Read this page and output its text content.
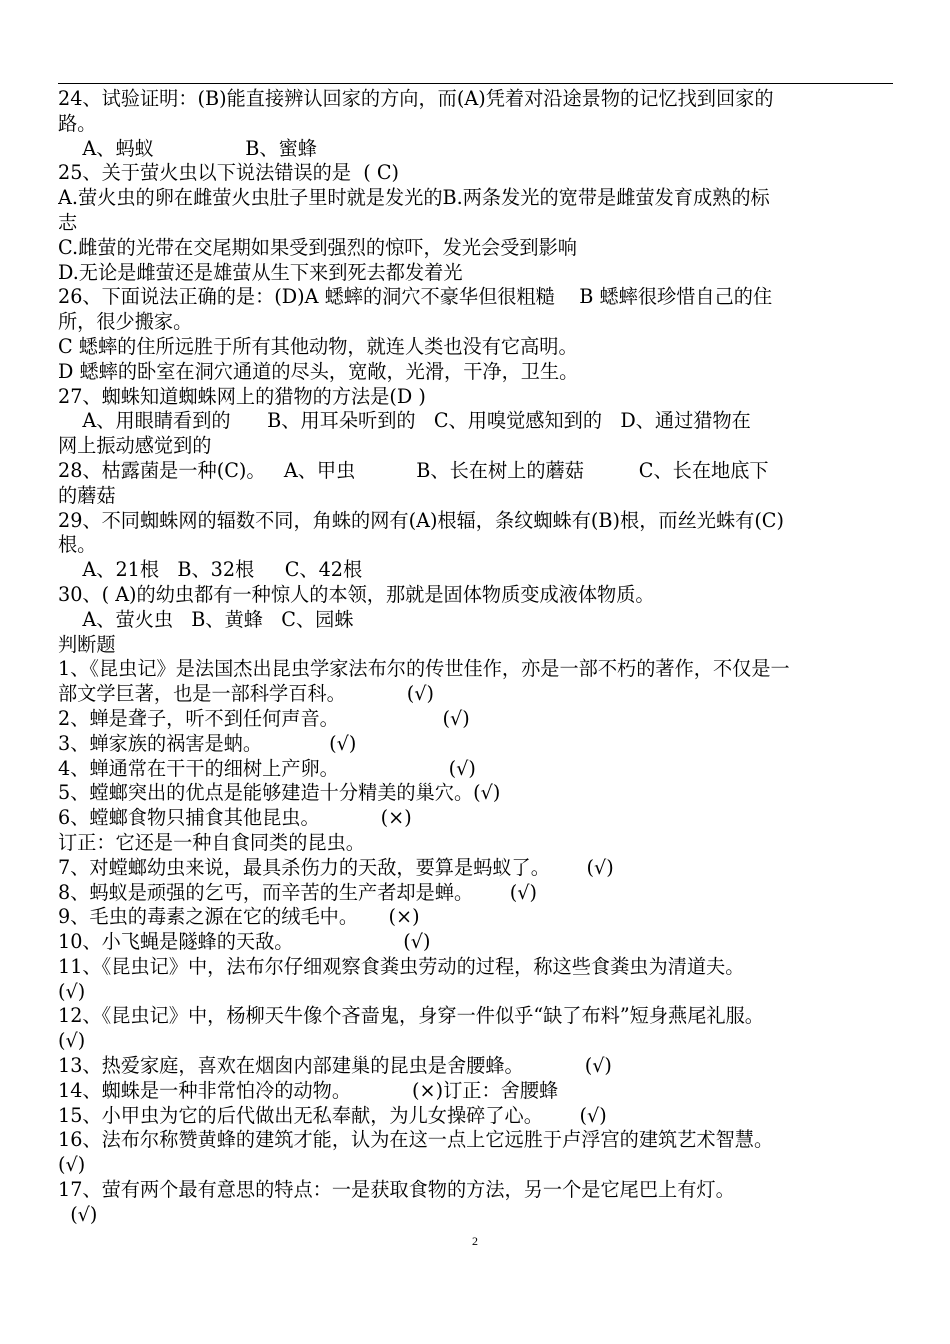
24、试验证明：(B)能直接辨认回家的方向，而(A)凭着对沿途景物的记忆找到回家的
路。
A、蚂蚁               B、蜜蜂
25、关于萤火虫以下说法错误的是  ( C)
A.萤火虫的卵在雌萤火虫肚子里时就是发光的B.两条发光的宽带是雌萤发育成熟的标
志
C.雌萤的光带在交尾期如果受到强烈的惊吓，发光会受到影响
D.无论是雌萤还是雄萤从生下来到死去都发着光
26、下面说法正确的是：(D)A 蟋蟀的洞穴不豪华但很粗糙    B 蟋蟀很珍惜自己的住
所，很少搬家。
C 蟋蟀的住所远胜于所有其他动物，就连人类也没有它高明。
D 蟋蟀的卧室在洞穴通道的尽头，宽敞，光滑，干净，卫生。
27、蜘蛛知道蜘蛛网上的猎物的方法是(D )
A、用眼睛看到的      B、用耳朵听到的   C、用嗅觉感知到的   D、通过猎物在
网上振动感觉到的
28、枯露菌是一种(C)。   A、甲虫          B、长在树上的蘑菇         C、长在地底下
的蘑菇
29、不同蜘蛛网的辐数不同，角蛛的网有(A)根辐，条纹蜘蛛有(B)根，而丝光蛛有(C)
根。
A、21根   B、32根     C、42根
30、( A)的幼虫都有一种惊人的本领，那就是固体物质变成液体物质。
A、萤火虫   B、黄蜂   C、园蛛
判断题
1、《昆虫记》是法国杰出昆虫学家法布尔的传世佳作，亦是一部不朽的著作，不仅是一
部文学巨著，也是一部科学百科。          (√)
2、蝉是聋子，听不到任何声音。                 (√)
3、蝉家族的祸害是蚋。           (√)
4、蝉通常在干干的细树上产卵。                  (√)
5、螳螂突出的优点是能够建造十分精美的巢穴。(√)
6、螳螂食物只捕食其他昆虫。          (×)
订正：它还是一种自食同类的昆虫。
7、对螳螂幼虫来说，最具杀伤力的天敌，要算是蚂蚁了。      (√)
8、蚂蚁是顽强的乞丐，而辛苦的生产者却是蝉。      (√)
9、毛虫的毒素之源在它的绒毛中。     (×)
10、小飞蝇是隧蜂的天敌。                  (√)
11、《昆虫记》中，法布尔仔细观察食粪虫劳动的过程，称这些食粪虫为清道夫。
(√)
12、《昆虫记》中，杨柳天牛像个吝啬鬼，身穿一件似乎“缺了布料”短身燕尾礼服。
(√)
13、热爱家庭，喜欢在烟囱内部建巢的昆虫是舍腰蜂。          (√)
14、蜘蛛是一种非常怕冷的动物。          (×)订正：舍腰蜂
15、小甲虫为它的后代做出无私奉献，为儿女操碎了心。      (√)
16、法布尔称赞黄蜂的建筑才能，认为在这一点上它远胜于卢浮宫的建筑艺术智慧。
(√)
17、萤有两个最有意思的特点：一是获取食物的方法，另一个是它尾巴上有灯。
(√)
2
